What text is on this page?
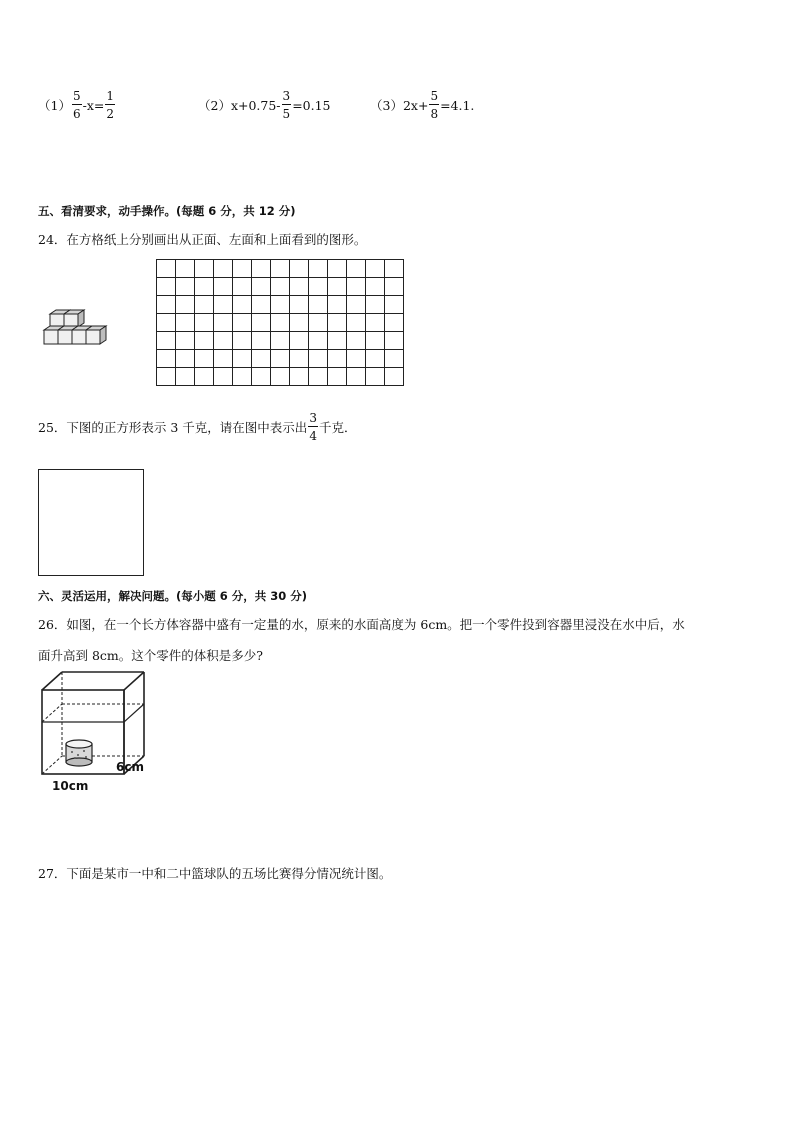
$(1) \frac{5}{6} -x= \frac{1}{2}$	（2） $x+0.75- \frac{3}{5} =0.15$	（3） $2x+ \frac{5}{8} =4.1$.
五、看清要求，动手操作。(每题 6 分，共 12 分)
24．在方格纸上分别画出从正面、左面和上面看到的图形。

25．下图的正方形表示 3 千克，请在图中表示出 $\frac{3}{4}$ 千克．
六、灵活运用，解决问题。(每小题 6 分，共 30 分)
26．如图，在一个长方体容器中盛有一定量的水，原来的水面高度为 6cm。把一个零件投到容器里浸没在水中后，水
面升高到 8cm。这个零件的体积是多少?
6cm
10cm
27．下面是某市一中和二中篮球队的五场比赛得分情况统计图。
